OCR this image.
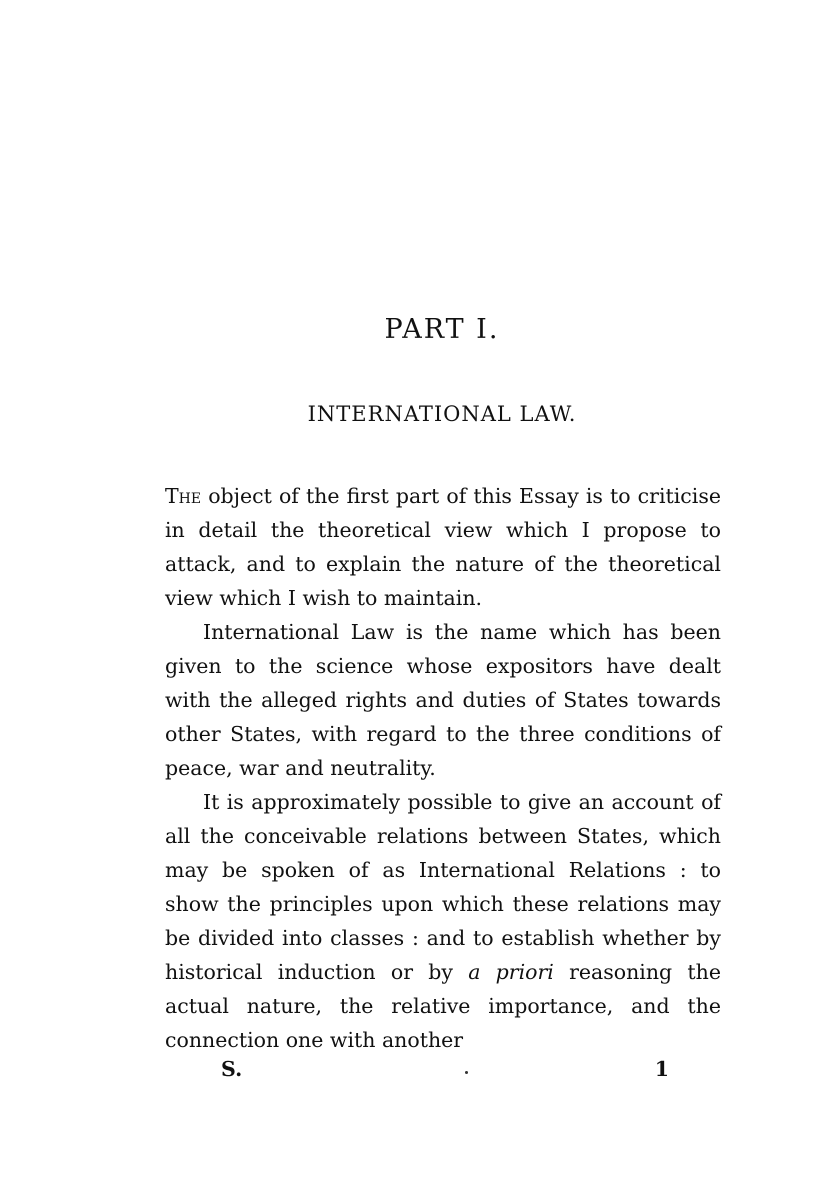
PART I.
INTERNATIONAL LAW.

The object of the first part of this Essay is to criticise in detail the theoretical view which I propose to attack, and to explain the nature of the theoretical view which I wish to maintain.

International Law is the name which has been given to the science whose expositors have dealt with the alleged rights and duties of States towards other States, with regard to the three conditions of peace, war and neutrality.

It is approximately possible to give an account of all the conceivable relations between States, which may be spoken of as International Relations : to show the principles upon which these relations may be divided into classes : and to establish whether by historical induction or by a priori reasoning the actual nature, the relative importance, and the connection one with another

S.	1
